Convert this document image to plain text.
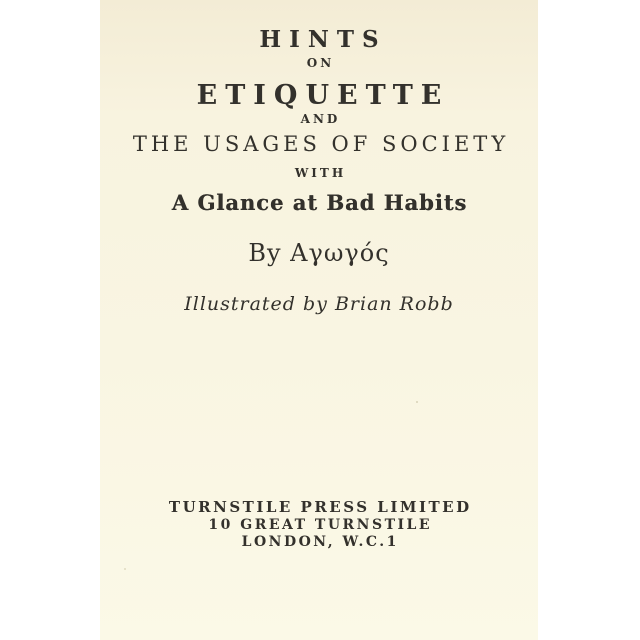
HINTS
ON
ETIQUETTE
AND
THE USAGES OF SOCIETY
WITH
A Glance at Bad Habits
By Αγωγός
Illustrated by Brian Robb
TURNSTILE PRESS LIMITED
10 GREAT TURNSTILE
LONDON, W.C.1
